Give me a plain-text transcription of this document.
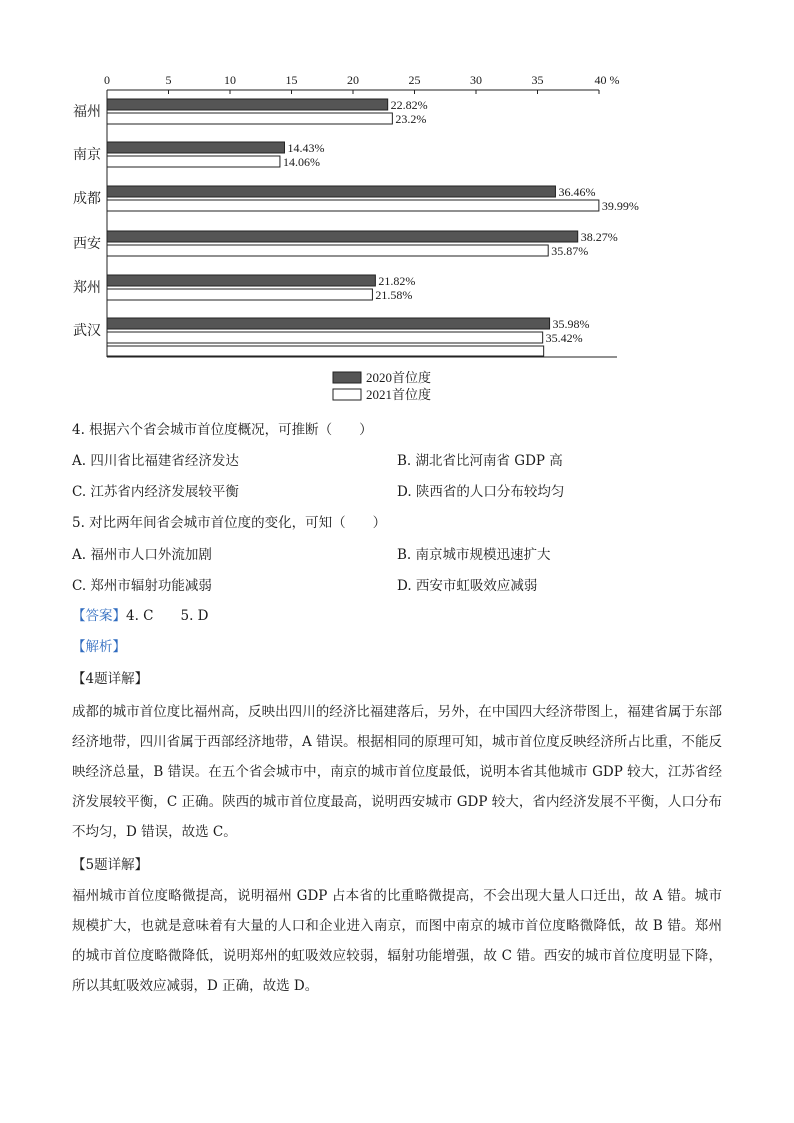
0	5	10	15	20	25	30	35	40 %
福州	22.82%
23.2%
南京	14.43%
14.06%
成都	36.46%
39.99%
西安	38.27%
35.87%
郑州	21.82%
21.58%
武汉	35.98%
35.42%
2020首位度
2021首位度
4. 根据六个省会城市首位度概况，可推断（　　）
A. 四川省比福建省经济发达	B. 湖北省比河南省 GDP 高
C. 江苏省内经济发展较平衡	D. 陕西省的人口分布较均匀
5. 对比两年间省会城市首位度的变化，可知（　　）
A. 福州市人口外流加剧	B. 南京城市规模迅速扩大
C. 郑州市辐射功能减弱	D. 西安市虹吸效应减弱
【答案】4. C　　5. D
【解析】
【4题详解】
成都的城市首位度比福州高，反映出四川的经济比福建落后，另外，在中国四大经济带图上，福建省属于东部经济地带，四川省属于西部经济地带，A 错误。根据相同的原理可知，城市首位度反映经济所占比重，不能反映经济总量，B 错误。在五个省会城市中，南京的城市首位度最低，说明本省其他城市 GDP 较大，江苏省经济发展较平衡，C 正确。陕西的城市首位度最高，说明西安城市 GDP 较大，省内经济发展不平衡，人口分布不均匀，D 错误，故选 C。
【5题详解】
福州城市首位度略微提高，说明福州 GDP 占本省的比重略微提高，不会出现大量人口迁出，故 A 错。城市规模扩大，也就是意味着有大量的人口和企业进入南京，而图中南京的城市首位度略微降低，故 B 错。郑州的城市首位度略微降低，说明郑州的虹吸效应较弱，辐射功能增强，故 C 错。西安的城市首位度明显下降，所以其虹吸效应减弱，D 正确，故选 D。
